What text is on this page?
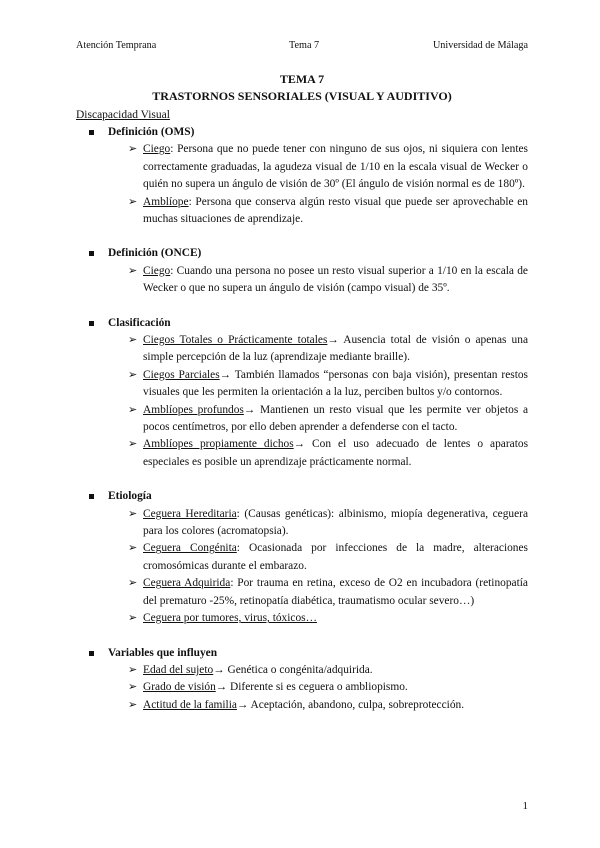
Atención Temprana	Tema 7	Universidad de Málaga
TEMA 7
TRASTORNOS SENSORIALES (VISUAL Y AUDITIVO)
Discapacidad Visual
Definición (OMS)
➢ Ciego: Persona que no puede tener con ninguno de sus ojos, ni siquiera con lentes correctamente graduadas, la agudeza visual de 1/10 en la escala visual de Wecker o quién no supera un ángulo de visión de 30º (El ángulo de visión normal es de 180º).
➢ Amblíope: Persona que conserva algún resto visual que puede ser aprovechable en muchas situaciones de aprendizaje.
Definición (ONCE)
➢ Ciego: Cuando una persona no posee un resto visual superior a 1/10 en la escala de Wecker o que no supera un ángulo de visión (campo visual) de 35º.
Clasificación
➢ Ciegos Totales o Prácticamente totales→ Ausencia total de visión o apenas una simple percepción de la luz (aprendizaje mediante braille).
➢ Ciegos Parciales→ También llamados “personas con baja visión), presentan restos visuales que les permiten la orientación a la luz, perciben bultos y/o contornos.
➢ Amblíopes profundos→ Mantienen un resto visual que les permite ver objetos a pocos centímetros, por ello deben aprender a defenderse con el tacto.
➢ Amblíopes propiamente dichos→ Con el uso adecuado de lentes o aparatos especiales es posible un aprendizaje prácticamente normal.
Etiología
➢ Ceguera Hereditaria: (Causas genéticas): albinismo, miopía degenerativa, ceguera para los colores (acromatopsia).
➢ Ceguera Congénita: Ocasionada por infecciones de la madre, alteraciones cromosómicas durante el embarazo.
➢ Ceguera Adquirida: Por trauma en retina, exceso de O2 en incubadora (retinopatía del prematuro -25%, retinopatía diabética, traumatismo ocular severo…)
➢ Ceguera por tumores, virus, tóxicos…
Variables que influyen
➢ Edad del sujeto→ Genética o congénita/adquirida.
➢ Grado de visión→ Diferente si es ceguera o ambliopismo.
➢ Actitud de la familia→ Aceptación, abandono, culpa, sobreprotección.
1
